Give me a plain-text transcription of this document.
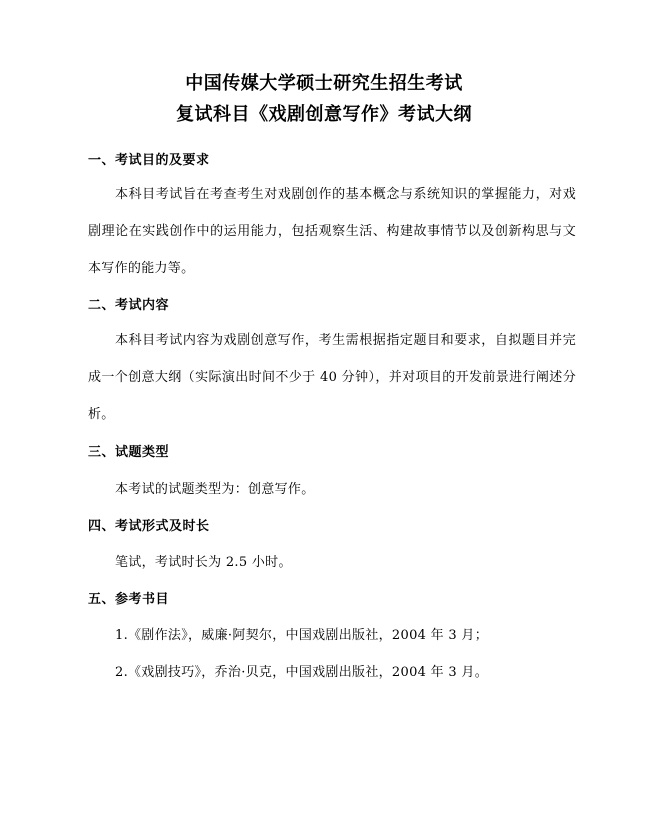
中国传媒大学硕士研究生招生考试
复试科目《戏剧创意写作》考试大纲
一、考试目的及要求
本科目考试旨在考查考生对戏剧创作的基本概念与系统知识的掌握能力，对戏剧理论在实践创作中的运用能力，包括观察生活、构建故事情节以及创新构思与文本写作的能力等。
二、考试内容
本科目考试内容为戏剧创意写作，考生需根据指定题目和要求，自拟题目并完成一个创意大纲（实际演出时间不少于 40 分钟），并对项目的开发前景进行阐述分析。
三、试题类型
本考试的试题类型为：创意写作。
四、考试形式及时长
笔试，考试时长为 2.5 小时。
五、参考书目
1.《剧作法》，威廉·阿契尔，中国戏剧出版社，2004 年 3 月；
2.《戏剧技巧》，乔治·贝克，中国戏剧出版社，2004 年 3 月。
